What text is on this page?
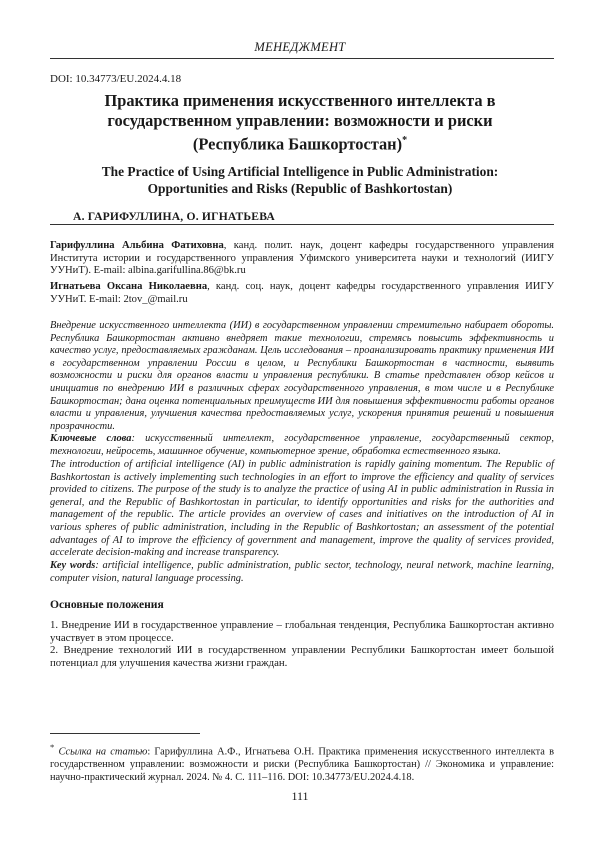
МЕНЕДЖМЕНТ
DOI: 10.34773/EU.2024.4.18
Практика применения искусственного интеллекта в государственном управлении: возможности и риски (Республика Башкортостан)*
The Practice of Using Artificial Intelligence in Public Administration: Opportunities and Risks (Republic of Bashkortostan)
А. ГАРИФУЛЛИНА, О. ИГНАТЬЕВА
Гарифуллина Альбина Фатиховна, канд. полит. наук, доцент кафедры государственного управления Института истории и государственного управления Уфимского университета науки и технологий (ИИГУ УУНиТ). E-mail: albina.garifullina.86@bk.ru
Игнатьева Оксана Николаевна, канд. соц. наук, доцент кафедры государственного управления ИИГУ УУНиТ. E-mail: 2tov_@mail.ru
Внедрение искусственного интеллекта (ИИ) в государственном управлении стремительно набирает обороты. Республика Башкортостан активно внедряет такие технологии, стремясь повысить эффективность и качество услуг, предоставляемых гражданам. Цель исследования – проанализировать практику применения ИИ в государственном управлении России в целом, и Республики Башкортостан в частности, выявить возможности и риски для органов власти и управления республики. В статье представлен обзор кейсов и инициатив по внедрению ИИ в различных сферах государственного управления, в том числе и в Республике Башкортостан; дана оценка потенциальных преимуществ ИИ для повышения эффективности работы органов власти и управления, улучшения качества предоставляемых услуг, ускорения принятия решений и повышения прозрачности.
Ключевые слова: искусственный интеллект, государственное управление, государственный сектор, технологии, нейросеть, машинное обучение, компьютерное зрение, обработка естественного языка.
The introduction of artificial intelligence (AI) in public administration is rapidly gaining momentum. The Republic of Bashkortostan is actively implementing such technologies in an effort to improve the efficiency and quality of services provided to citizens. The purpose of the study is to analyze the practice of using AI in public administration in Russia in general, and the Republic of Bashkortostan in particular, to identify opportunities and risks for the authorities and management of the republic. The article provides an overview of cases and initiatives on the introduction of AI in various spheres of public administration, including in the Republic of Bashkortostan; an assessment of the potential advantages of AI to improve the efficiency of government and management, improve the quality of services provided, accelerate decision-making and increase transparency.
Key words: artificial intelligence, public administration, public sector, technology, neural network, machine learning, computer vision, natural language processing.
Основные положения
1. Внедрение ИИ в государственное управление – глобальная тенденция, Республика Башкортостан активно участвует в этом процессе.
2. Внедрение технологий ИИ в государственном управлении Республики Башкортостан имеет большой потенциал для улучшения качества жизни граждан.
* Ссылка на статью: Гарифуллина А.Ф., Игнатьева О.Н. Практика применения искусственного интеллекта в государственном управлении: возможности и риски (Республика Башкортостан) // Экономика и управление: научно-практический журнал. 2024. № 4. С. 111–116. DOI: 10.34773/EU.2024.4.18.
111
